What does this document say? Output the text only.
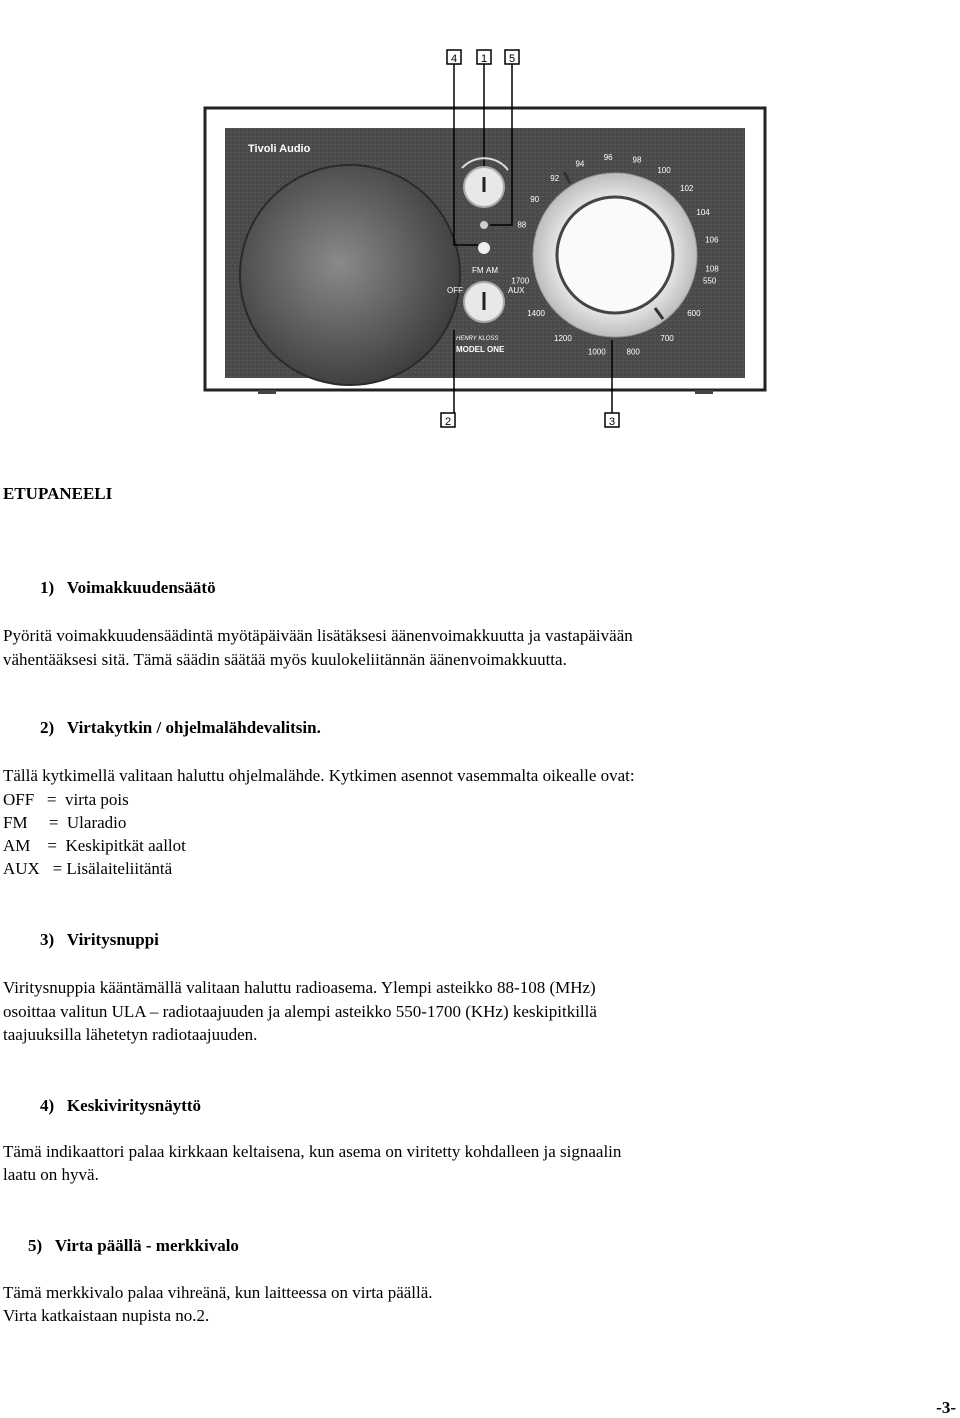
4 1 5
Tivoli Audio
FM AM
OFF	AUX
HENRY KLOSS
MODEL ONE
88
90
92
94
96 98
100
102
104
106
108
550
600
700
800
1000
1200
1400
1700
2	3
ETUPANEELI
1) Voimakkuudensäätö
Pyöritä voimakkuudensäädintä myötäpäivään lisätäksesi äänenvoimakkuutta ja vastapäivään
vähentääksesi sitä. Tämä säädin säätää myös kuulokeliitännän äänenvoimakkuutta.
2) Virtakytkin / ohjelmalähdevalitsin.
Tällä kytkimellä valitaan haluttu ohjelmalähde. Kytkimen asennot vasemmalta oikealle ovat:
OFF   =  virta pois
FM     =  Ularadio
AM    =  Keskipitkät aallot
AUX   = Lisälaiteliitäntä
3) Viritysnuppi
Viritysnuppia kääntämällä valitaan haluttu radioasema. Ylempi asteikko 88-108 (MHz)
osoittaa valitun ULA – radiotaajuuden ja alempi asteikko 550-1700 (KHz) keskipitkillä
taajuuksilla lähetetyn radiotaajuuden.
4) Keskiviritysnäyttö
Tämä indikaattori palaa kirkkaan keltaisena, kun asema on viritetty kohdalleen ja signaalin
laatu on hyvä.
5) Virta päällä - merkkivalo
Tämä merkkivalo palaa vihreänä, kun laitteessa on virta päällä.
Virta katkaistaan nupista no.2.
-3-
